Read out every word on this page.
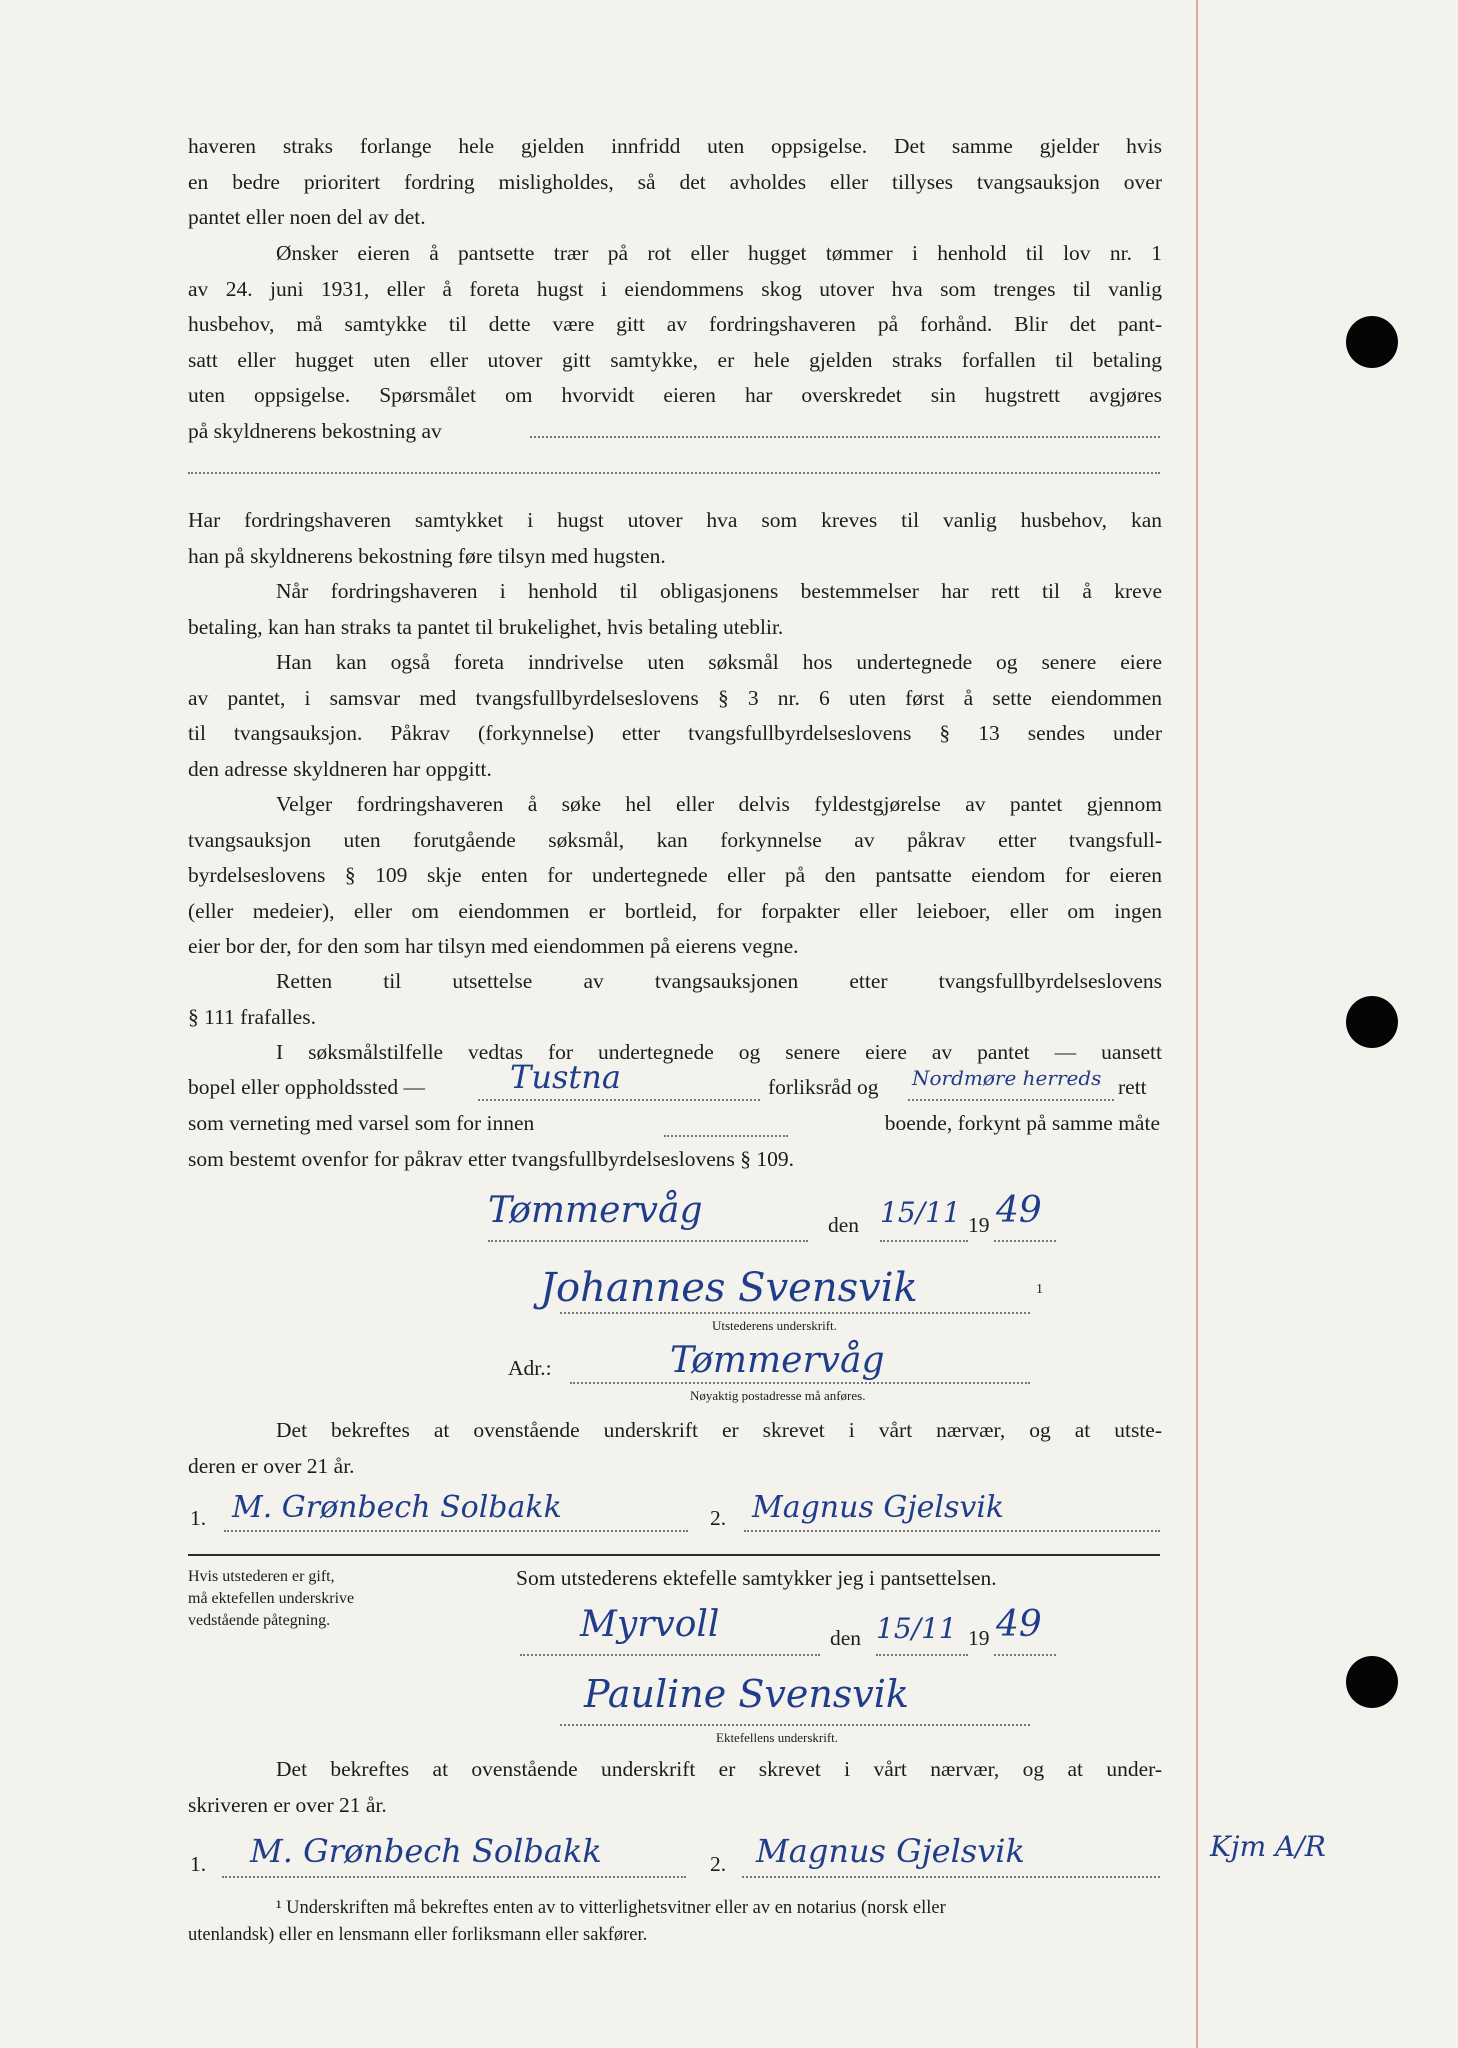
haveren straks forlange hele gjelden innfridd uten oppsigelse. Det samme gjelder hvis
en bedre prioritert fordring misligholdes, så det avholdes eller tillyses tvangsauksjon over
pantet eller noen del av det.
Ønsker eieren å pantsette trær på rot eller hugget tømmer i henhold til lov nr. 1
av 24. juni 1931, eller å foreta hugst i eiendommens skog utover hva som trenges til vanlig
husbehov, må samtykke til dette være gitt av fordringshaveren på forhånd. Blir det pant-
satt eller hugget uten eller utover gitt samtykke, er hele gjelden straks forfallen til betaling
uten oppsigelse. Spørsmålet om hvorvidt eieren har overskredet sin hugstrett avgjøres
på skyldnerens bekostning av
Har fordringshaveren samtykket i hugst utover hva som kreves til vanlig husbehov, kan
han på skyldnerens bekostning føre tilsyn med hugsten.
Når fordringshaveren i henhold til obligasjonens bestemmelser har rett til å kreve
betaling, kan han straks ta pantet til brukelighet, hvis betaling uteblir.
Han kan også foreta inndrivelse uten søksmål hos undertegnede og senere eiere
av pantet, i samsvar med tvangsfullbyrdelseslovens § 3 nr. 6 uten først å sette eiendommen
til tvangsauksjon. Påkrav (forkynnelse) etter tvangsfullbyrdelseslovens § 13 sendes under
den adresse skyldneren har oppgitt.
Velger fordringshaveren å søke hel eller delvis fyldestgjørelse av pantet gjennom
tvangsauksjon uten forutgående søksmål, kan forkynnelse av påkrav etter tvangsfull-
byrdelseslovens § 109 skje enten for undertegnede eller på den pantsatte eiendom for eieren
(eller medeier), eller om eiendommen er bortleid, for forpakter eller leieboer, eller om ingen
eier bor der, for den som har tilsyn med eiendommen på eierens vegne.
Retten til utsettelse av tvangsauksjonen etter tvangsfullbyrdelseslovens
§ 111 frafalles.
I søksmålstilfelle vedtas for undertegnede og senere eiere av pantet — uansett
bopel eller oppholdssted —	Tustna	forliksråd og Nordmøre herreds rett
som verneting med varsel som for innen	boende, forkynt på samme måte
som bestemt ovenfor for påkrav etter tvangsfullbyrdelseslovens § 109.
Tømmervåg	den 15/11 19 49
Johannes Svensvik	1
Utstederens underskrift.
Adr.:	Tømmervåg
Nøyaktig postadresse må anføres.
Det bekreftes at ovenstående underskrift er skrevet i vårt nærvær, og at utste-
deren er over 21 år.
1. M. Grønbech Solbakk	2. Magnus Gjelsvik
Hvis utstederen er gift,
må ektefellen underskrive
vedstående påtegning.
Som utstederens ektefelle samtykker jeg i pantsettelsen.
Myrvoll	den 15/11 19 49
Pauline Svensvik
Ektefellens underskrift.
Det bekreftes at ovenstående underskrift er skrevet i vårt nærvær, og at under-
skriveren er over 21 år.
1. M. Grønbech Solbakk	2. Magnus Gjelsvik	Kjm A/R
¹ Underskriften må bekreftes enten av to vitterlighetsvitner eller av en notarius (norsk eller
utenlandsk) eller en lensmann eller forliksmann eller sakfører.
